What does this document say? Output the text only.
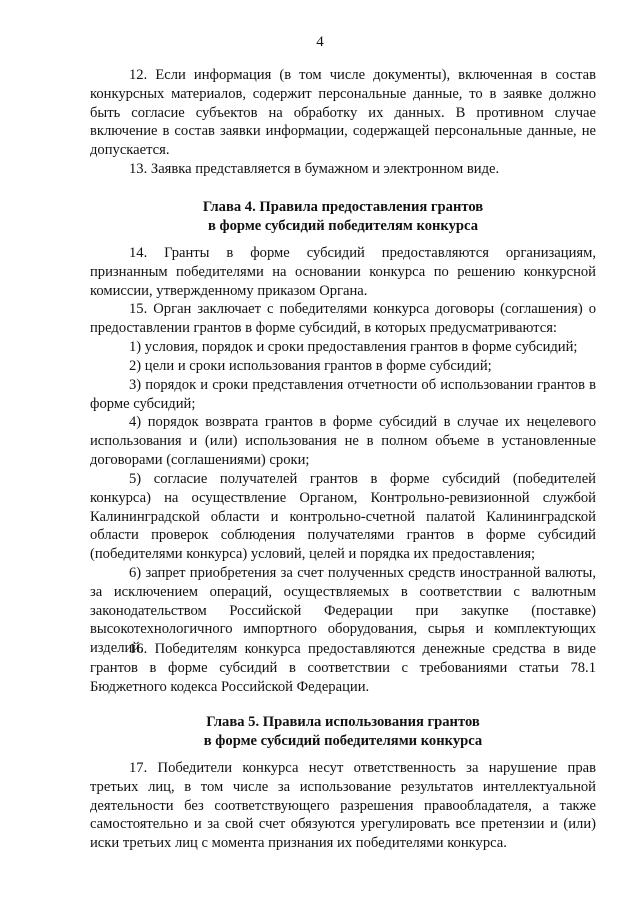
4

12. Если информация (в том числе документы), включенная в состав конкурсных материалов, содержит персональные данные, то в заявке должно быть согласие субъектов на обработку их данных. В противном случае включение в состав заявки информации, содержащей персональные данные, не допускается.

13. Заявка представляется в бумажном и электронном виде.

Глава 4. Правила предоставления грантов
в форме субсидий победителям конкурса

14. Гранты в форме субсидий предоставляются организациям, признанным победителями на основании конкурса по решению конкурсной комиссии, утвержденному приказом Органа.

15. Орган заключает с победителями конкурса договоры (соглашения) о предоставлении грантов в форме субсидий, в которых предусматриваются:

1) условия, порядок и сроки предоставления грантов в форме субсидий;

2) цели и сроки использования грантов в форме субсидий;

3) порядок и сроки представления отчетности об использовании грантов в форме субсидий;

4) порядок возврата грантов в форме субсидий в случае их нецелевого использования и (или) использования не в полном объеме в установленные договорами (соглашениями) сроки;

5) согласие получателей грантов в форме субсидий (победителей конкурса) на осуществление Органом, Контрольно-ревизионной службой Калининградской области и контрольно-счетной палатой Калининградской области проверок соблюдения получателями грантов в форме субсидий (победителями конкурса) условий, целей и порядка их предоставления;

6) запрет приобретения за счет полученных средств иностранной валюты, за исключением операций, осуществляемых в соответствии с валютным законодательством Российской Федерации при закупке (поставке) высокотехнологичного импортного оборудования, сырья и комплектующих изделий.

16. Победителям конкурса предоставляются денежные средства в виде грантов в форме субсидий в соответствии с требованиями статьи 78.1 Бюджетного кодекса Российской Федерации.

Глава 5. Правила использования грантов
в форме субсидий победителями конкурса

17. Победители конкурса несут ответственность за нарушение прав третьих лиц, в том числе за использование результатов интеллектуальной деятельности без соответствующего разрешения правообладателя, а также самостоятельно и за свой счет обязуются урегулировать все претензии и (или) иски третьих лиц с момента признания их победителями конкурса.
